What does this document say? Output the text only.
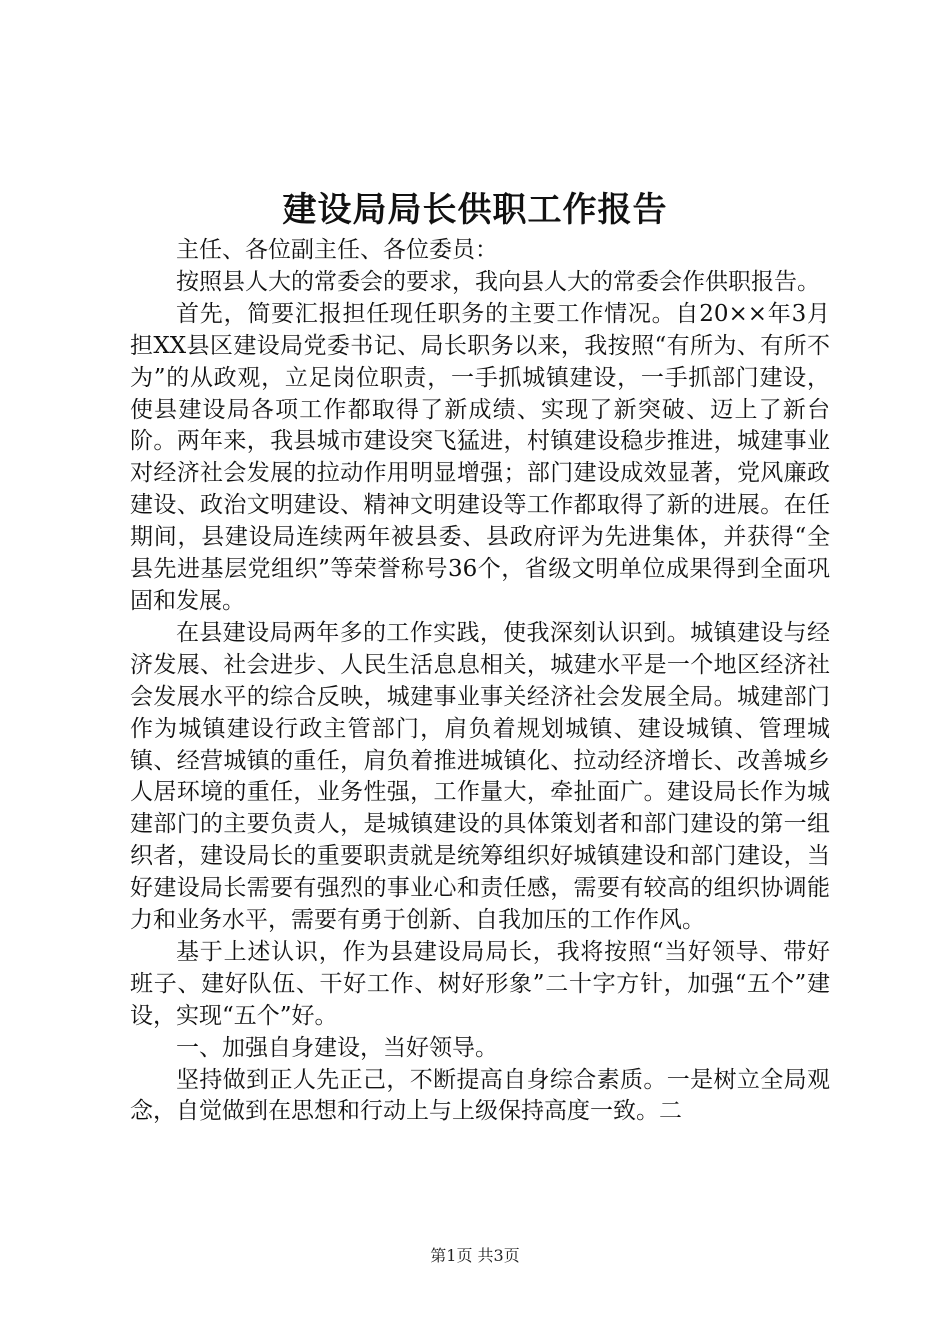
建设局局长供职工作报告

主任、各位副主任、各位委员：

按照县人大的常委会的要求，我向县人大的常委会作供职报告。

首先，简要汇报担任现任职务的主要工作情况。自20××年3月担XX县区建设局党委书记、局长职务以来，我按照“有所为、有所不为”的从政观，立足岗位职责，一手抓城镇建设，一手抓部门建设，使县建设局各项工作都取得了新成绩、实现了新突破、迈上了新台阶。两年来，我县城市建设突飞猛进，村镇建设稳步推进，城建事业对经济社会发展的拉动作用明显增强；部门建设成效显著，党风廉政建设、政治文明建设、精神文明建设等工作都取得了新的进展。在任期间，县建设局连续两年被县委、县政府评为先进集体，并获得“全县先进基层党组织”等荣誉称号36个，省级文明单位成果得到全面巩固和发展。

在县建设局两年多的工作实践，使我深刻认识到。城镇建设与经济发展、社会进步、人民生活息息相关，城建水平是一个地区经济社会发展水平的综合反映，城建事业事关经济社会发展全局。城建部门作为城镇建设行政主管部门，肩负着规划城镇、建设城镇、管理城镇、经营城镇的重任，肩负着推进城镇化、拉动经济增长、改善城乡人居环境的重任，业务性强，工作量大，牵扯面广。建设局长作为城建部门的主要负责人，是城镇建设的具体策划者和部门建设的第一组织者，建设局长的重要职责就是统筹组织好城镇建设和部门建设，当好建设局长需要有强烈的事业心和责任感，需要有较高的组织协调能力和业务水平，需要有勇于创新、自我加压的工作作风。

基于上述认识，作为县建设局局长，我将按照“当好领导、带好班子、建好队伍、干好工作、树好形象”二十字方针，加强“五个”建设，实现“五个”好。

一、加强自身建设，当好领导。

坚持做到正人先正己，不断提高自身综合素质。一是树立全局观念，自觉做到在思想和行动上与上级保持高度一致。二

第1页 共3页
